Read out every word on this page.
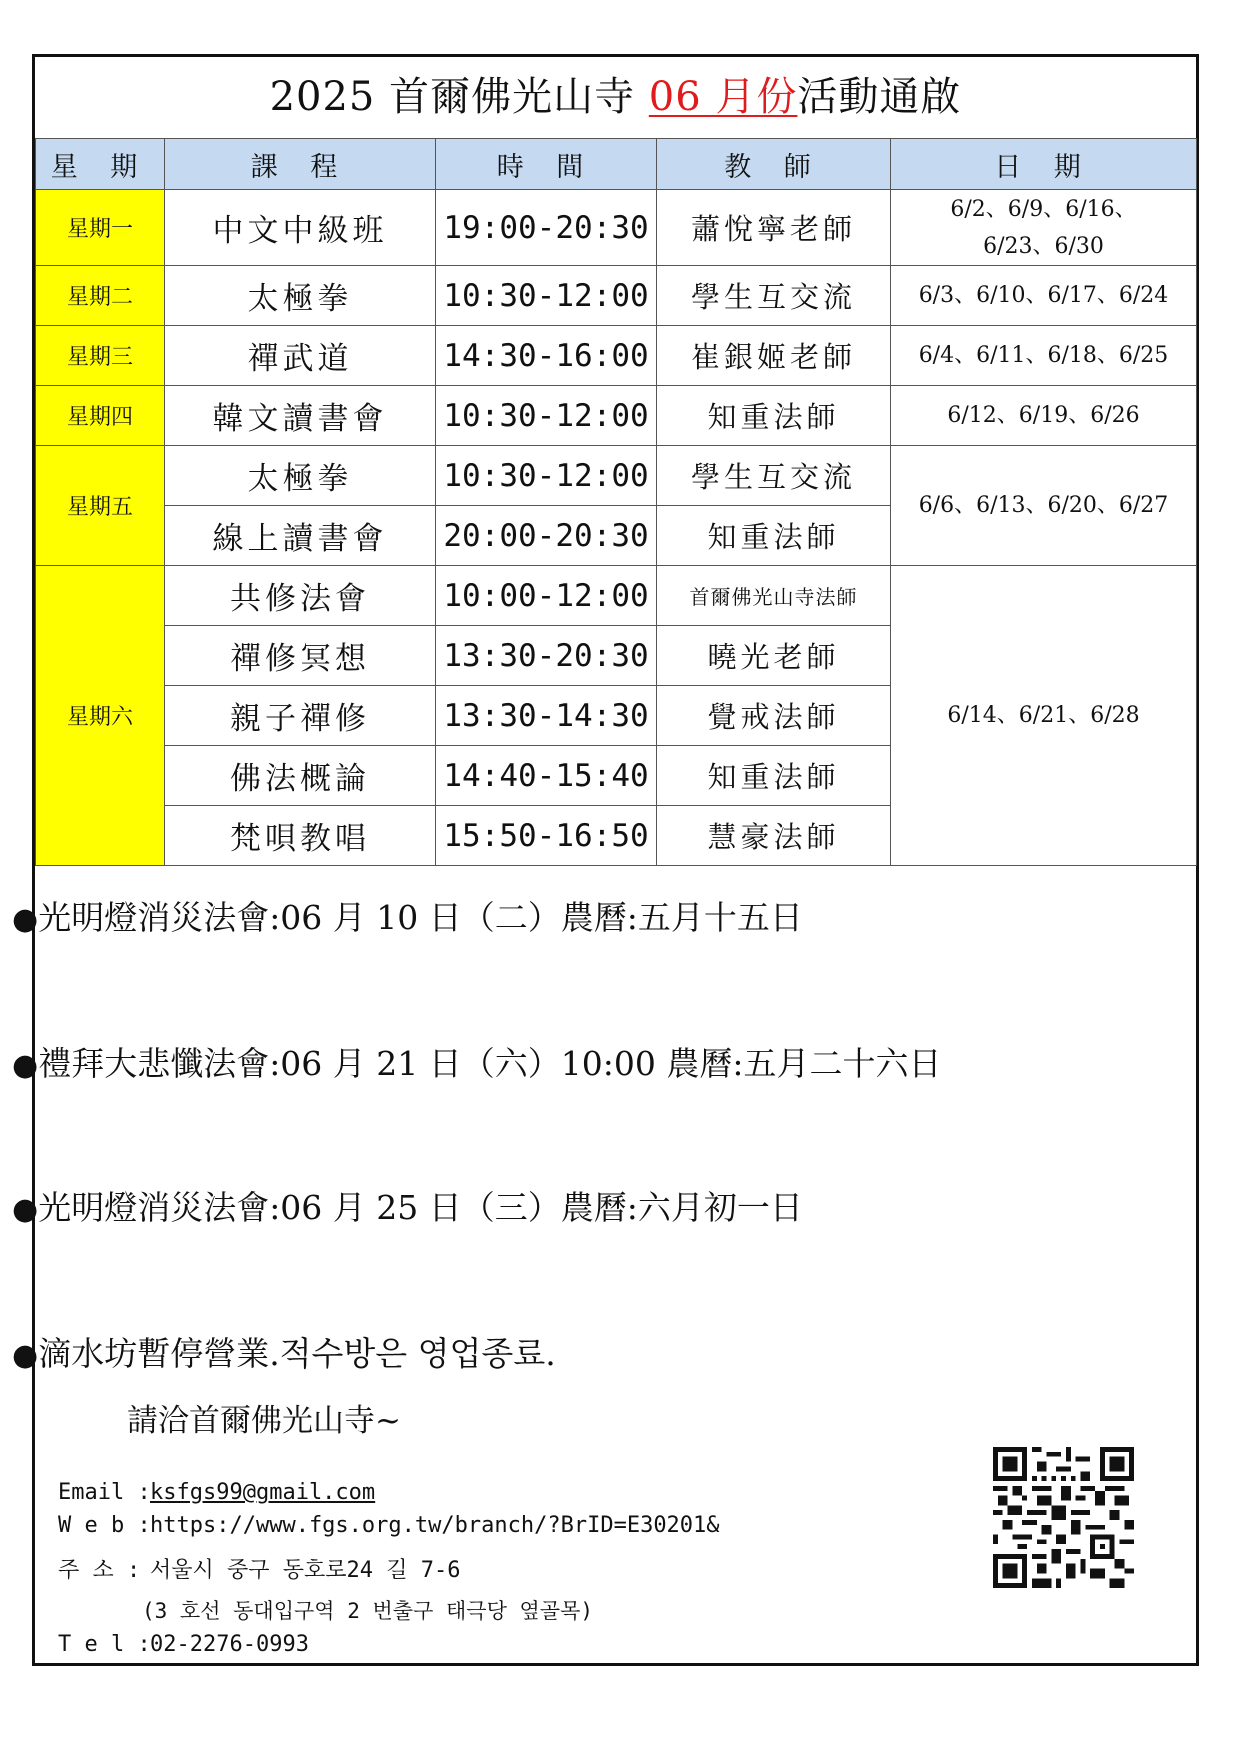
2025 首爾佛光山寺 06 月份活動通啟
星 期	課 程	時 間	教 師	日 期
星期一	中文中級班	19:00-20:30	蕭悅寧老師	6/2、6/9、6/16、6/23、6/30
星期二	太極拳	10:30-12:00	學生互交流	6/3、6/10、6/17、6/24
星期三	禪武道	14:30-16:00	崔銀姬老師	6/4、6/11、6/18、6/25
星期四	韓文讀書會	10:30-12:00	知重法師	6/12、6/19、6/26
星期五	太極拳	10:30-12:00	學生互交流	6/6、6/13、6/20、6/27
	線上讀書會	20:00-20:30	知重法師	
星期六	共修法會	10:00-12:00	首爾佛光山寺法師	6/14、6/21、6/28
	禪修冥想	13:30-20:30	曉光老師	
	親子禪修	13:30-14:30	覺戒法師	
	佛法概論	14:40-15:40	知重法師	
	梵唄教唱	15:50-16:50	慧豪法師	
●光明燈消災法會:06 月 10 日（二）農曆:五月十五日
●禮拜大悲懺法會:06 月 21 日（六）10:00 農曆:五月二十六日
●光明燈消災法會:06 月 25 日（三）農曆:六月初一日
●滴水坊暫停營業.적수방은 영업종료.
請洽首爾佛光山寺~
Email :ksfgs99@gmail.com
W e b :https://www.fgs.org.tw/branch/?BrID=E30201&
주 소 : 서울시 중구 동호로24 길 7-6
(3 호선 동대입구역 2 번출구 태극당 옆골목)
T e l :02-2276-0993
